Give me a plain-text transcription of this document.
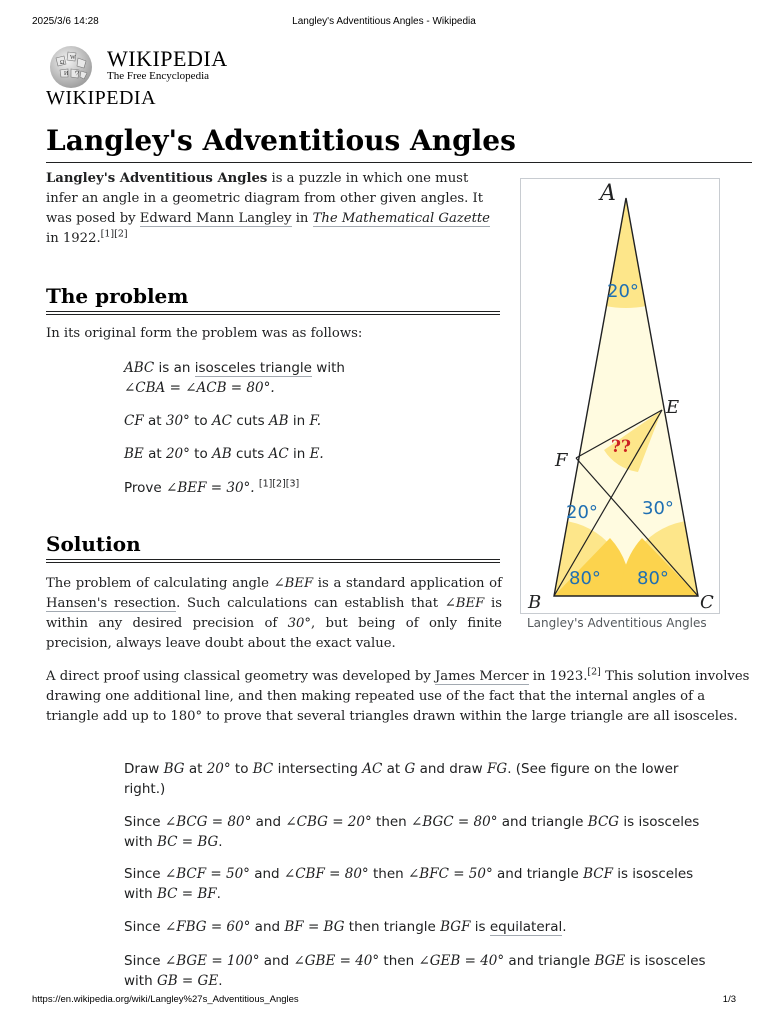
2025/3/6 14:28	Langley's Adventitious Angles - Wikipedia
Ω
W
И ウ
WIKIPEDIA
The Free Encyclopedia
WIKIPEDIA
Langley's Adventitious Angles
Langley's Adventitious Angles is a puzzle in which one must infer an angle in a geometric diagram from other given angles. It was posed by Edward Mann Langley in The Mathematical Gazette in 1922.[1][2]
The problem
In its original form the problem was as follows:
ABC is an isosceles triangle with
∠CBA = ∠ACB = 80°.
CF at 30° to AC cuts AB in F.
BE at 20° to AB cuts AC in E.
Prove ∠BEF = 30°. [1][2][3]
Solution
The problem of calculating angle ∠BEF is a standard application of Hansen's resection. Such calculations can establish that ∠BEF is within any desired precision of 30°, but being of only finite precision, always leave doubt about the exact value.
A direct proof using classical geometry was developed by James Mercer in 1923.[2] This solution involves drawing one additional line, and then making repeated use of the fact that the internal angles of a triangle add up to 180° to prove that several triangles drawn within the large triangle are all isosceles.
Draw BG at 20° to BC intersecting AC at G and draw FG. (See figure on the lower right.)
Since ∠BCG = 80° and ∠CBG = 20° then ∠BGC = 80° and triangle BCG is isosceles with BC = BG.
Since ∠BCF = 50° and ∠CBF = 80° then ∠BFC = 50° and triangle BCF is isosceles with BC = BF.
Since ∠FBG = 60° and BF = BG then triangle BGF is equilateral.
Since ∠BGE = 100° and ∠GBE = 40° then ∠GEB = 40° and triangle BGE is isosceles with GB = GE.
A
B	C
E
F
20°
??
20° 30°
80° 80°
Langley's Adventitious Angles
https://en.wikipedia.org/wiki/Langley%27s_Adventitious_Angles	1/3
